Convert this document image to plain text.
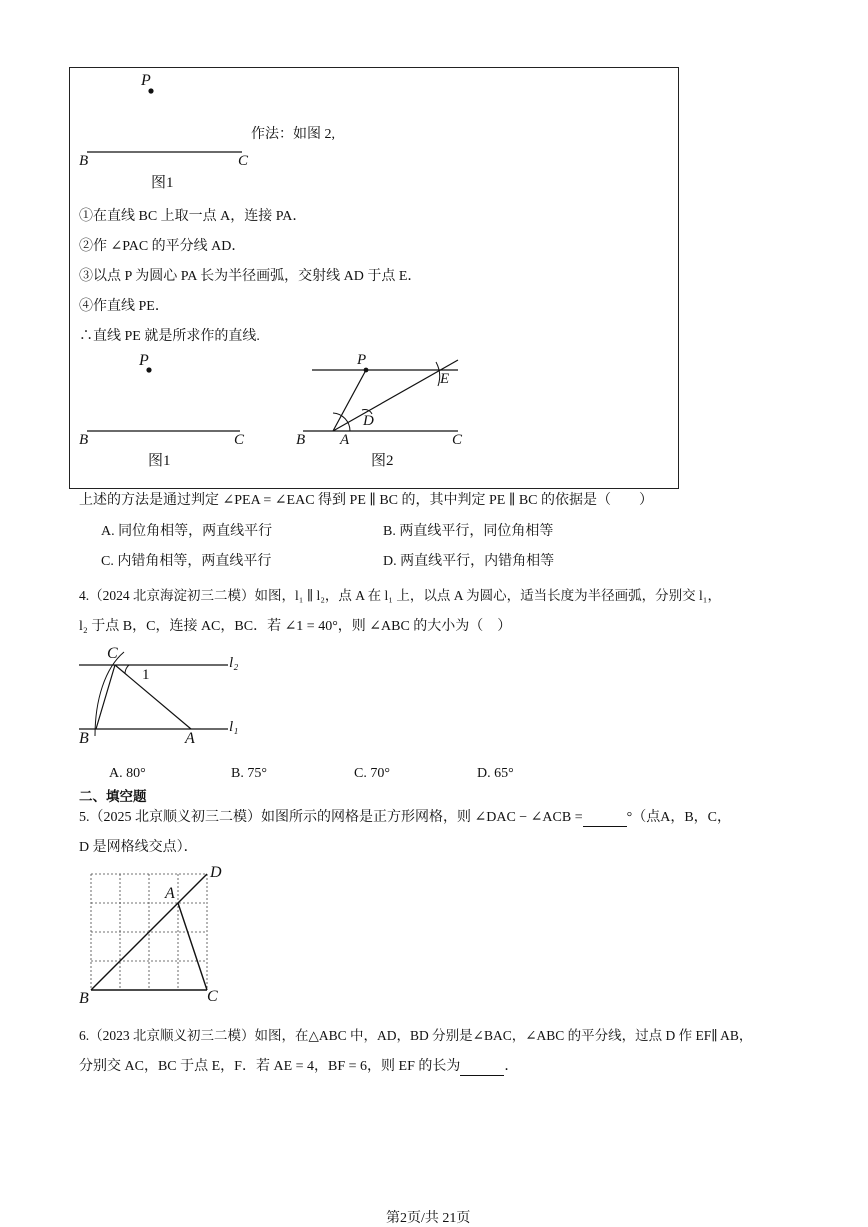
P
作法：如图 2,
B	C
图1
①在直线 BC 上取一点 A，连接 PA．
②作 ∠PAC 的平分线 AD．
③以点 P 为圆心 PA 长为半径画弧，交射线 AD 于点 E．
④作直线 PE．
∴直线 PE 就是所求作的直线.
P
B	C
图1
P
E
D
B A	C
图2
上述的方法是通过判定 ∠PEA = ∠EAC 得到 PE ∥ BC 的，其中判定 PE ∥ BC 的依据是（　　）
A. 同位角相等，两直线平行	B. 两直线平行，同位角相等
C. 内错角相等，两直线平行	D. 两直线平行，内错角相等
4.（2024 北京海淀初三二模）如图，l₁ ∥ l₂，点 A 在 l₁ 上，以点 A 为圆心，适当长度为半径画弧，分别交 l₁，
l₂ 于点 B，C，连接 AC，BC．若 ∠1 = 40°，则 ∠ABC 的大小为（　）
C
l₂
1
B	A
l₁
A. 80°	B. 75°	C. 70°	D. 65°
二、填空题
5.（2025 北京顺义初三二模）如图所示的网格是正方形网格，则 ∠DAC − ∠ACB =	°（点A，B，C，
D 是网格线交点）．
D
A
B	C
6.（2023 北京顺义初三二模）如图，在△ABC 中，AD，BD 分别是∠BAC，∠ABC 的平分线，过点 D 作 EF∥ AB，
分别交 AC，BC 于点 E，F．若 AE = 4，BF = 6，则 EF 的长为	．
第2页/共 21页
